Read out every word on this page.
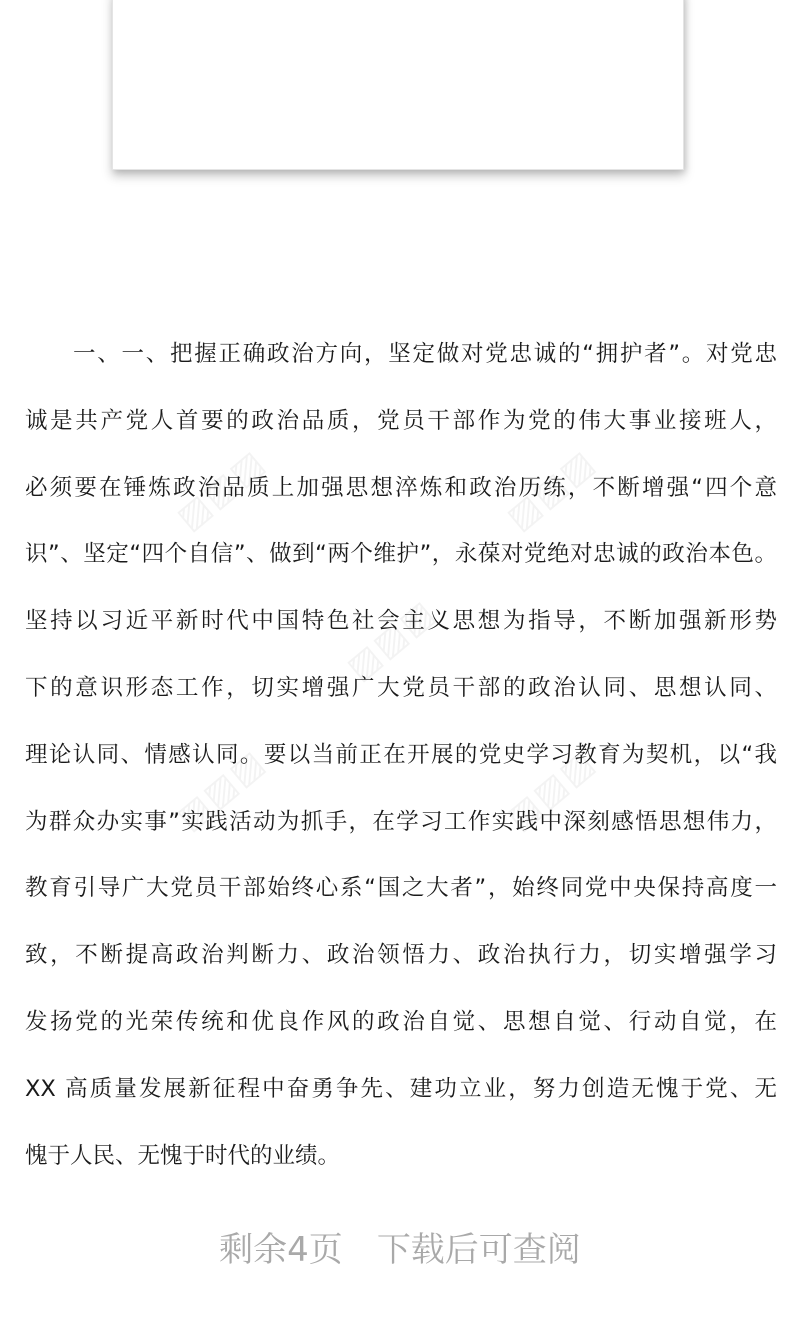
▨▨▨	▨▨▨
▨▨▨
▨▨▨	▨▨▨
一、一、把握正确政治方向，坚定做对党忠诚的“拥护者”。对党忠
诚是共产党人首要的政治品质，党员干部作为党的伟大事业接班人，
必须要在锤炼政治品质上加强思想淬炼和政治历练，不断增强“四个意
识”、坚定“四个自信”、做到“两个维护”，永葆对党绝对忠诚的政治本色。
坚持以习近平新时代中国特色社会主义思想为指导，不断加强新形势
下的意识形态工作，切实增强广大党员干部的政治认同、思想认同、
理论认同、情感认同。要以当前正在开展的党史学习教育为契机，以“我
为群众办实事”实践活动为抓手，在学习工作实践中深刻感悟思想伟力，
教育引导广大党员干部始终心系“国之大者”，始终同党中央保持高度一
致，不断提高政治判断力、政治领悟力、政治执行力，切实增强学习
发扬党的光荣传统和优良作风的政治自觉、思想自觉、行动自觉，在
XX 高质量发展新征程中奋勇争先、建功立业，努力创造无愧于党、无
愧于人民、无愧于时代的业绩。
剩余4页 下载后可查阅
